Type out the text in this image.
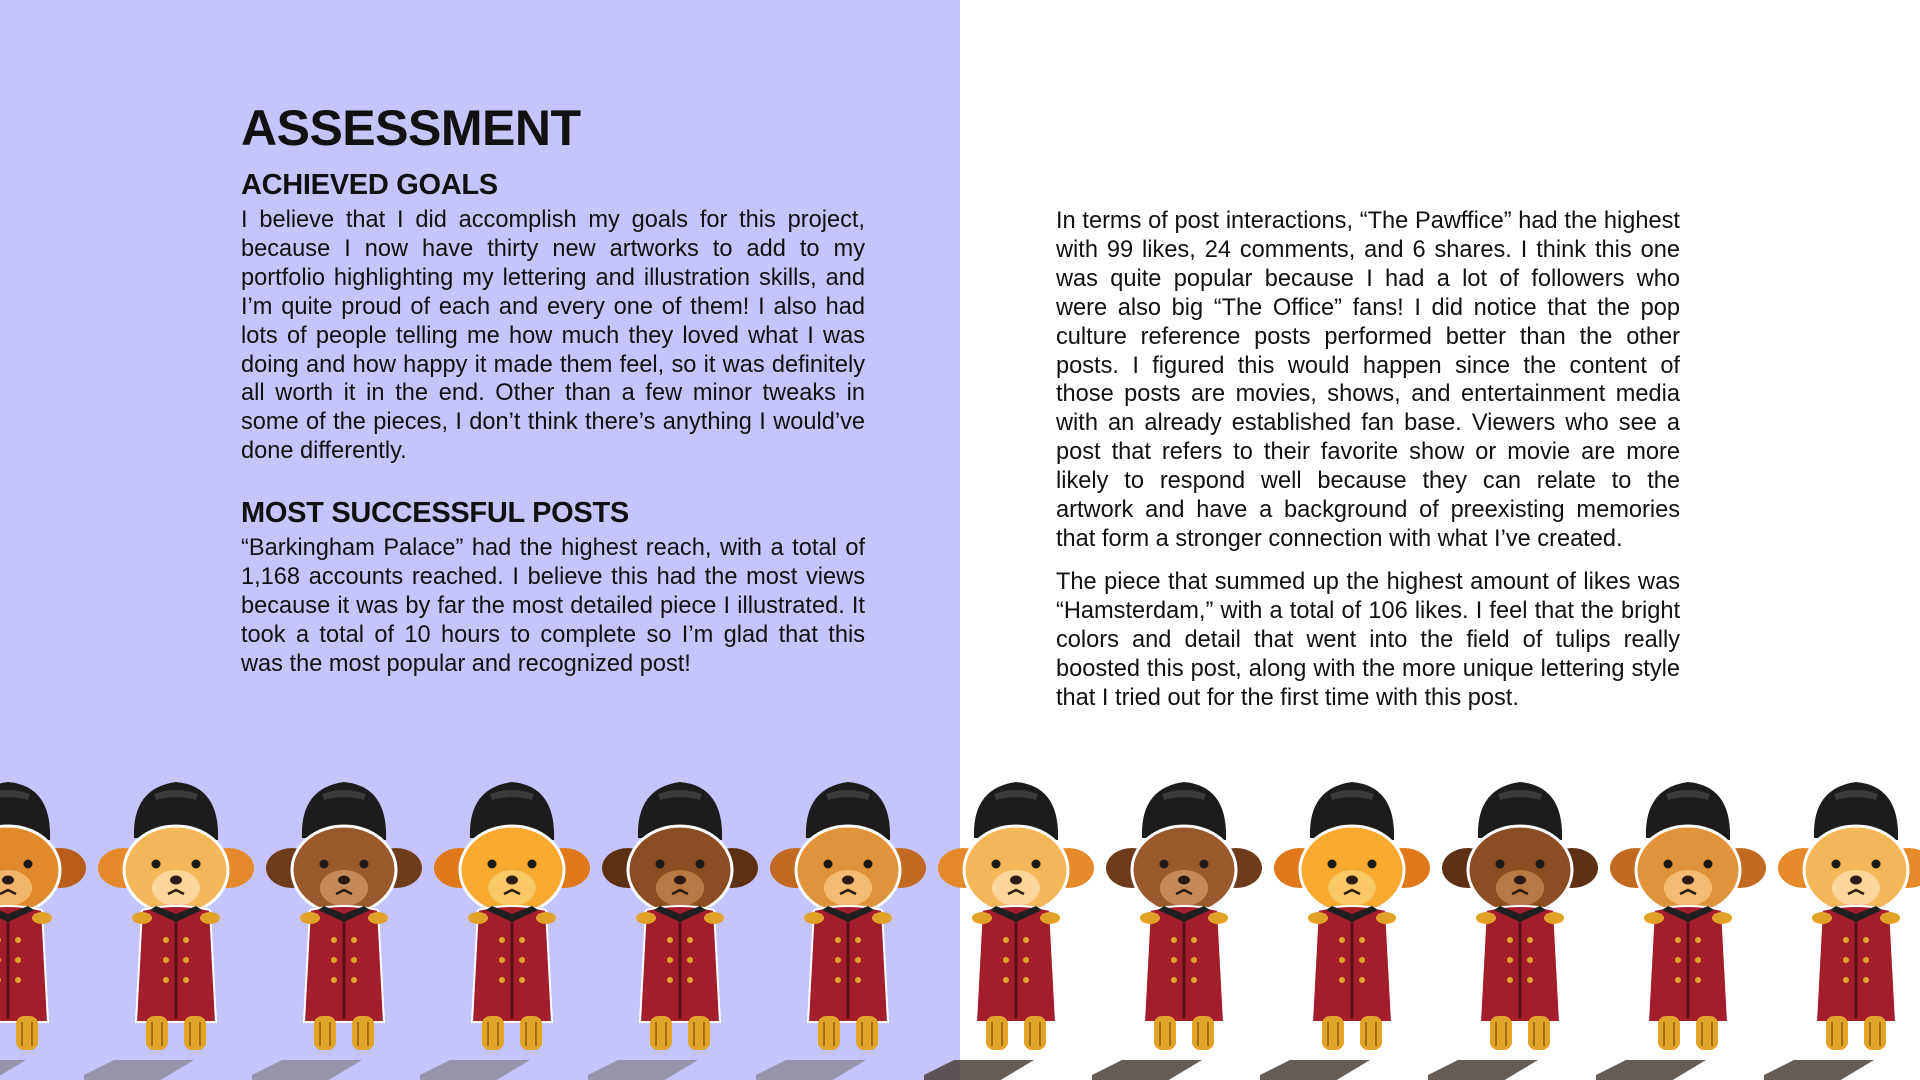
ASSESSMENT
ACHIEVED GOALS

I believe that I did accomplish my goals for this project, because I now have thirty new artworks to add to my portfolio highlighting my lettering and illustration skills, and I’m quite proud of each and every one of them! I also had lots of people telling me how much they loved what I was doing and how happy it made them feel, so it was definitely all worth it in the end. Other than a few minor tweaks in some of the pieces, I don’t think there’s anything I would’ve done differently.

MOST SUCCESSFUL POSTS

“Barkingham Palace” had the highest reach, with a total of 1,168 accounts reached. I believe this had the most views because it was by far the most detailed piece I illustrated. It took a total of 10 hours to complete so I’m glad that this was the most popular and recognized post!

In terms of post interactions, “The Pawffice” had the highest with 99 likes, 24 comments, and 6 shares. I think this one was quite popular because I had a lot of followers who were also big “The Office” fans! I did notice that the pop culture reference posts performed better than the other posts. I figured this would happen since the content of those posts are movies, shows, and entertainment media with an already established fan base. Viewers who see a post that refers to their favorite show or movie are more likely to respond well because they can relate to the artwork and have a background of preexisting memories that form a stronger connection with what I’ve created.

The piece that summed up the highest amount of likes was “Hamsterdam,” with a total of 106 likes. I feel that the bright colors and detail that went into the field of tulips really boosted this post, along with the more unique lettering style that I tried out for the first time with this post.
